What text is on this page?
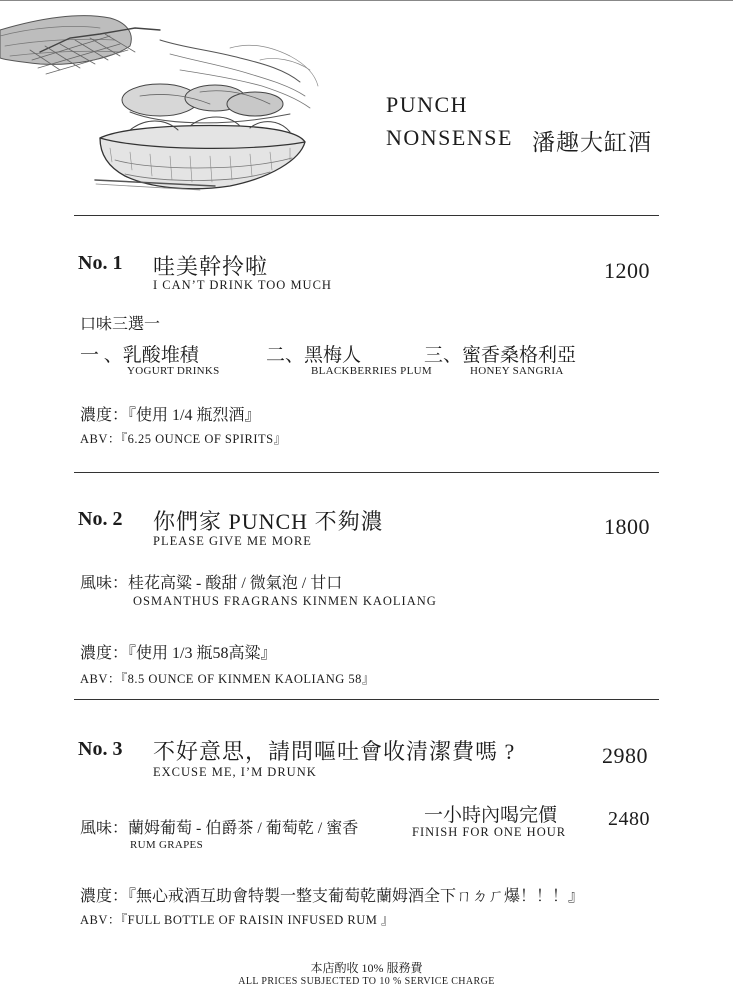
PUNCH
NONSENSE 潘趣大缸酒
No. 1 哇美幹拎啦
I CAN’T DRINK TOO MUCH
1200
口味三選一
一 、乳酸堆積
YOGURT DRINKS
二、黑梅人
BLACKBERRIES PLUM
三、蜜香桑格利亞
HONEY SANGRIA
濃度：『使用 1/4 瓶烈酒』
ABV：『6.25 OUNCE OF SPIRITS』
No. 2 你們家 PUNCH 不夠濃
PLEASE GIVE ME MORE
1800
風味：桂花高粱 - 酸甜 / 微氣泡 / 甘口
OSMANTHUS FRAGRANS KINMEN KAOLIANG
濃度：『使用 1/3 瓶58高粱』
ABV：『8.5 OUNCE OF KINMEN KAOLIANG 58』
No. 3 不好意思，請問嘔吐會收清潔費嗎 ?
EXCUSE ME, I’M DRUNK
2980
風味：蘭姆葡萄 - 伯爵茶 / 葡萄乾 / 蜜香
RUM GRAPES
一小時內喝完價
FINISH FOR ONE HOUR
2480
濃度：『無心戒酒互助會特製一整支葡萄乾蘭姆酒全下ㄇㄉㄏ爆！！！』
ABV：『FULL BOTTLE OF RAISIN INFUSED RUM 』
本店酌收 10% 服務費
ALL PRICES SUBJECTED TO 10 % SERVICE CHARGE
